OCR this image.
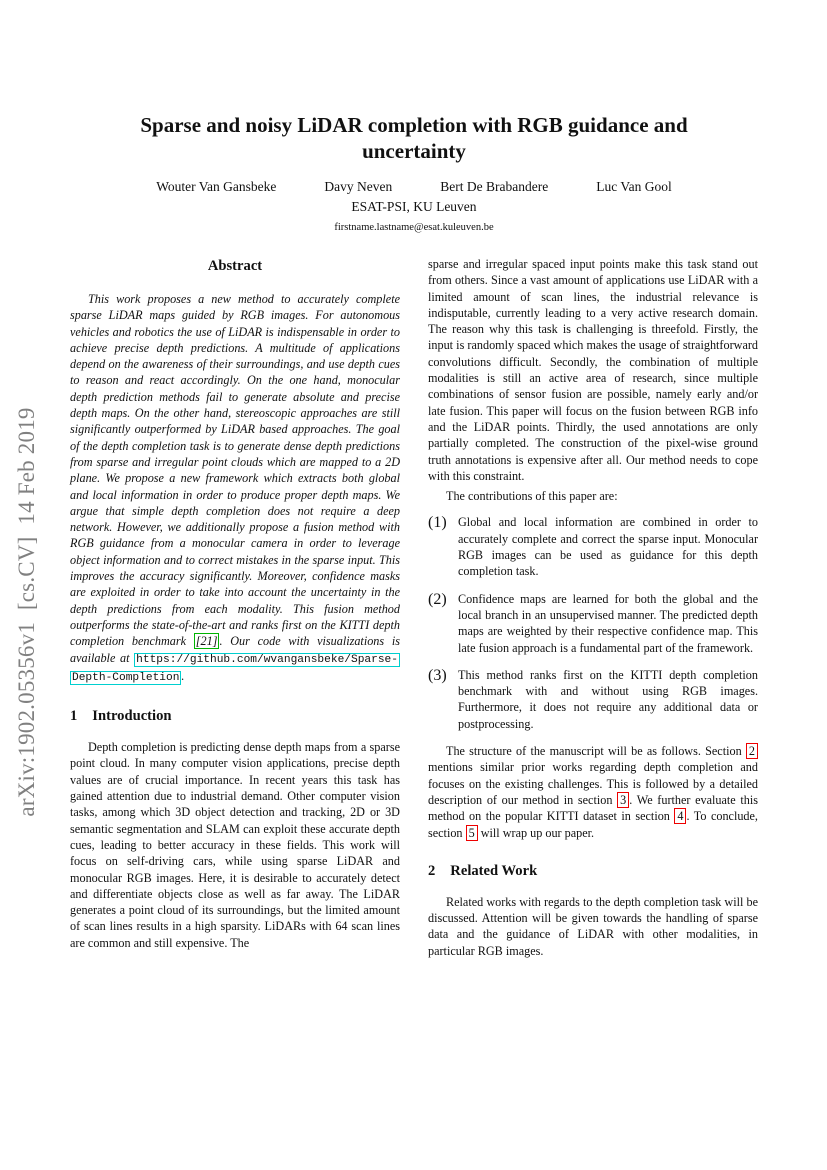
arXiv:1902.05356v1  [cs.CV]  14 Feb 2019
Sparse and noisy LiDAR completion with RGB guidance and
uncertainty
Wouter Van Gansbeke	Davy Neven	Bert De Brabandere	Luc Van Gool
ESAT-PSI, KU Leuven
firstname.lastname@esat.kuleuven.be
Abstract

This work proposes a new method to accurately complete sparse LiDAR maps guided by RGB images. For autonomous vehicles and robotics the use of LiDAR is indispensable in order to achieve precise depth predictions. A multitude of applications depend on the awareness of their surroundings, and use depth cues to reason and react accordingly. On the one hand, monocular depth prediction methods fail to generate absolute and precise depth maps. On the other hand, stereoscopic approaches are still significantly outperformed by LiDAR based approaches. The goal of the depth completion task is to generate dense depth predictions from sparse and irregular point clouds which are mapped to a 2D plane. We propose a new framework which extracts both global and local information in order to produce proper depth maps. We argue that simple depth completion does not require a deep network. However, we additionally propose a fusion method with RGB guidance from a monocular camera in order to leverage object information and to correct mistakes in the sparse input. This improves the accuracy significantly. Moreover, confidence masks are exploited in order to take into account the uncertainty in the depth predictions from each modality. This fusion method outperforms the state-of-the-art and ranks first on the KITTI depth completion benchmark [21] . Our code with visualizations is available at https://github.com/wvangansbeke/Sparse-Depth-Completion .

1 Introduction

Depth completion is predicting dense depth maps from a sparse point cloud. In many computer vision applications, precise depth values are of crucial importance. In recent years this task has gained attention due to industrial demand. Other computer vision tasks, among which 3D object detection and tracking, 2D or 3D semantic segmentation and SLAM can exploit these accurate depth cues, leading to better accuracy in these fields. This work will focus on self-driving cars, while using sparse LiDAR and monocular RGB images. Here, it is desirable to accurately detect and differentiate objects close as well as far away. The LiDAR generates a point cloud of its surroundings, but the limited amount of scan lines results in a high sparsity. LiDARs with 64 scan lines are common and still expensive. The

sparse and irregular spaced input points make this task stand out from others. Since a vast amount of applications use LiDAR with a limited amount of scan lines, the industrial relevance is indisputable, currently leading to a very active research domain. The reason why this task is challenging is threefold. Firstly, the input is randomly spaced which makes the usage of straightforward convolutions difficult. Secondly, the combination of multiple modalities is still an active area of research, since multiple combinations of sensor fusion are possible, namely early and/or late fusion. This paper will focus on the fusion between RGB info and the LiDAR points. Thirdly, the used annotations are only partially completed. The construction of the pixel-wise ground truth annotations is expensive after all. Our method needs to cope with this constraint.

The contributions of this paper are:

(1) Global and local information are combined in order to accurately complete and correct the sparse input. Monocular RGB images can be used as guidance for this depth completion task.
(2) Confidence maps are learned for both the global and the local branch in an unsupervised manner. The predicted depth maps are weighted by their respective confidence map. This late fusion approach is a fundamental part of the framework.
(3) This method ranks first on the KITTI depth completion benchmark with and without using RGB images. Furthermore, it does not require any additional data or postprocessing.

The structure of the manuscript will be as follows. Section 2 mentions similar prior works regarding depth completion and focuses on the existing challenges. This is followed by a detailed description of our method in section 3 . We further evaluate this method on the popular KITTI dataset in section 4 . To conclude, section 5 will wrap up our paper.

2 Related Work

Related works with regards to the depth completion task will be discussed. Attention will be given towards the handling of sparse data and the guidance of LiDAR with other modalities, in particular RGB images.
